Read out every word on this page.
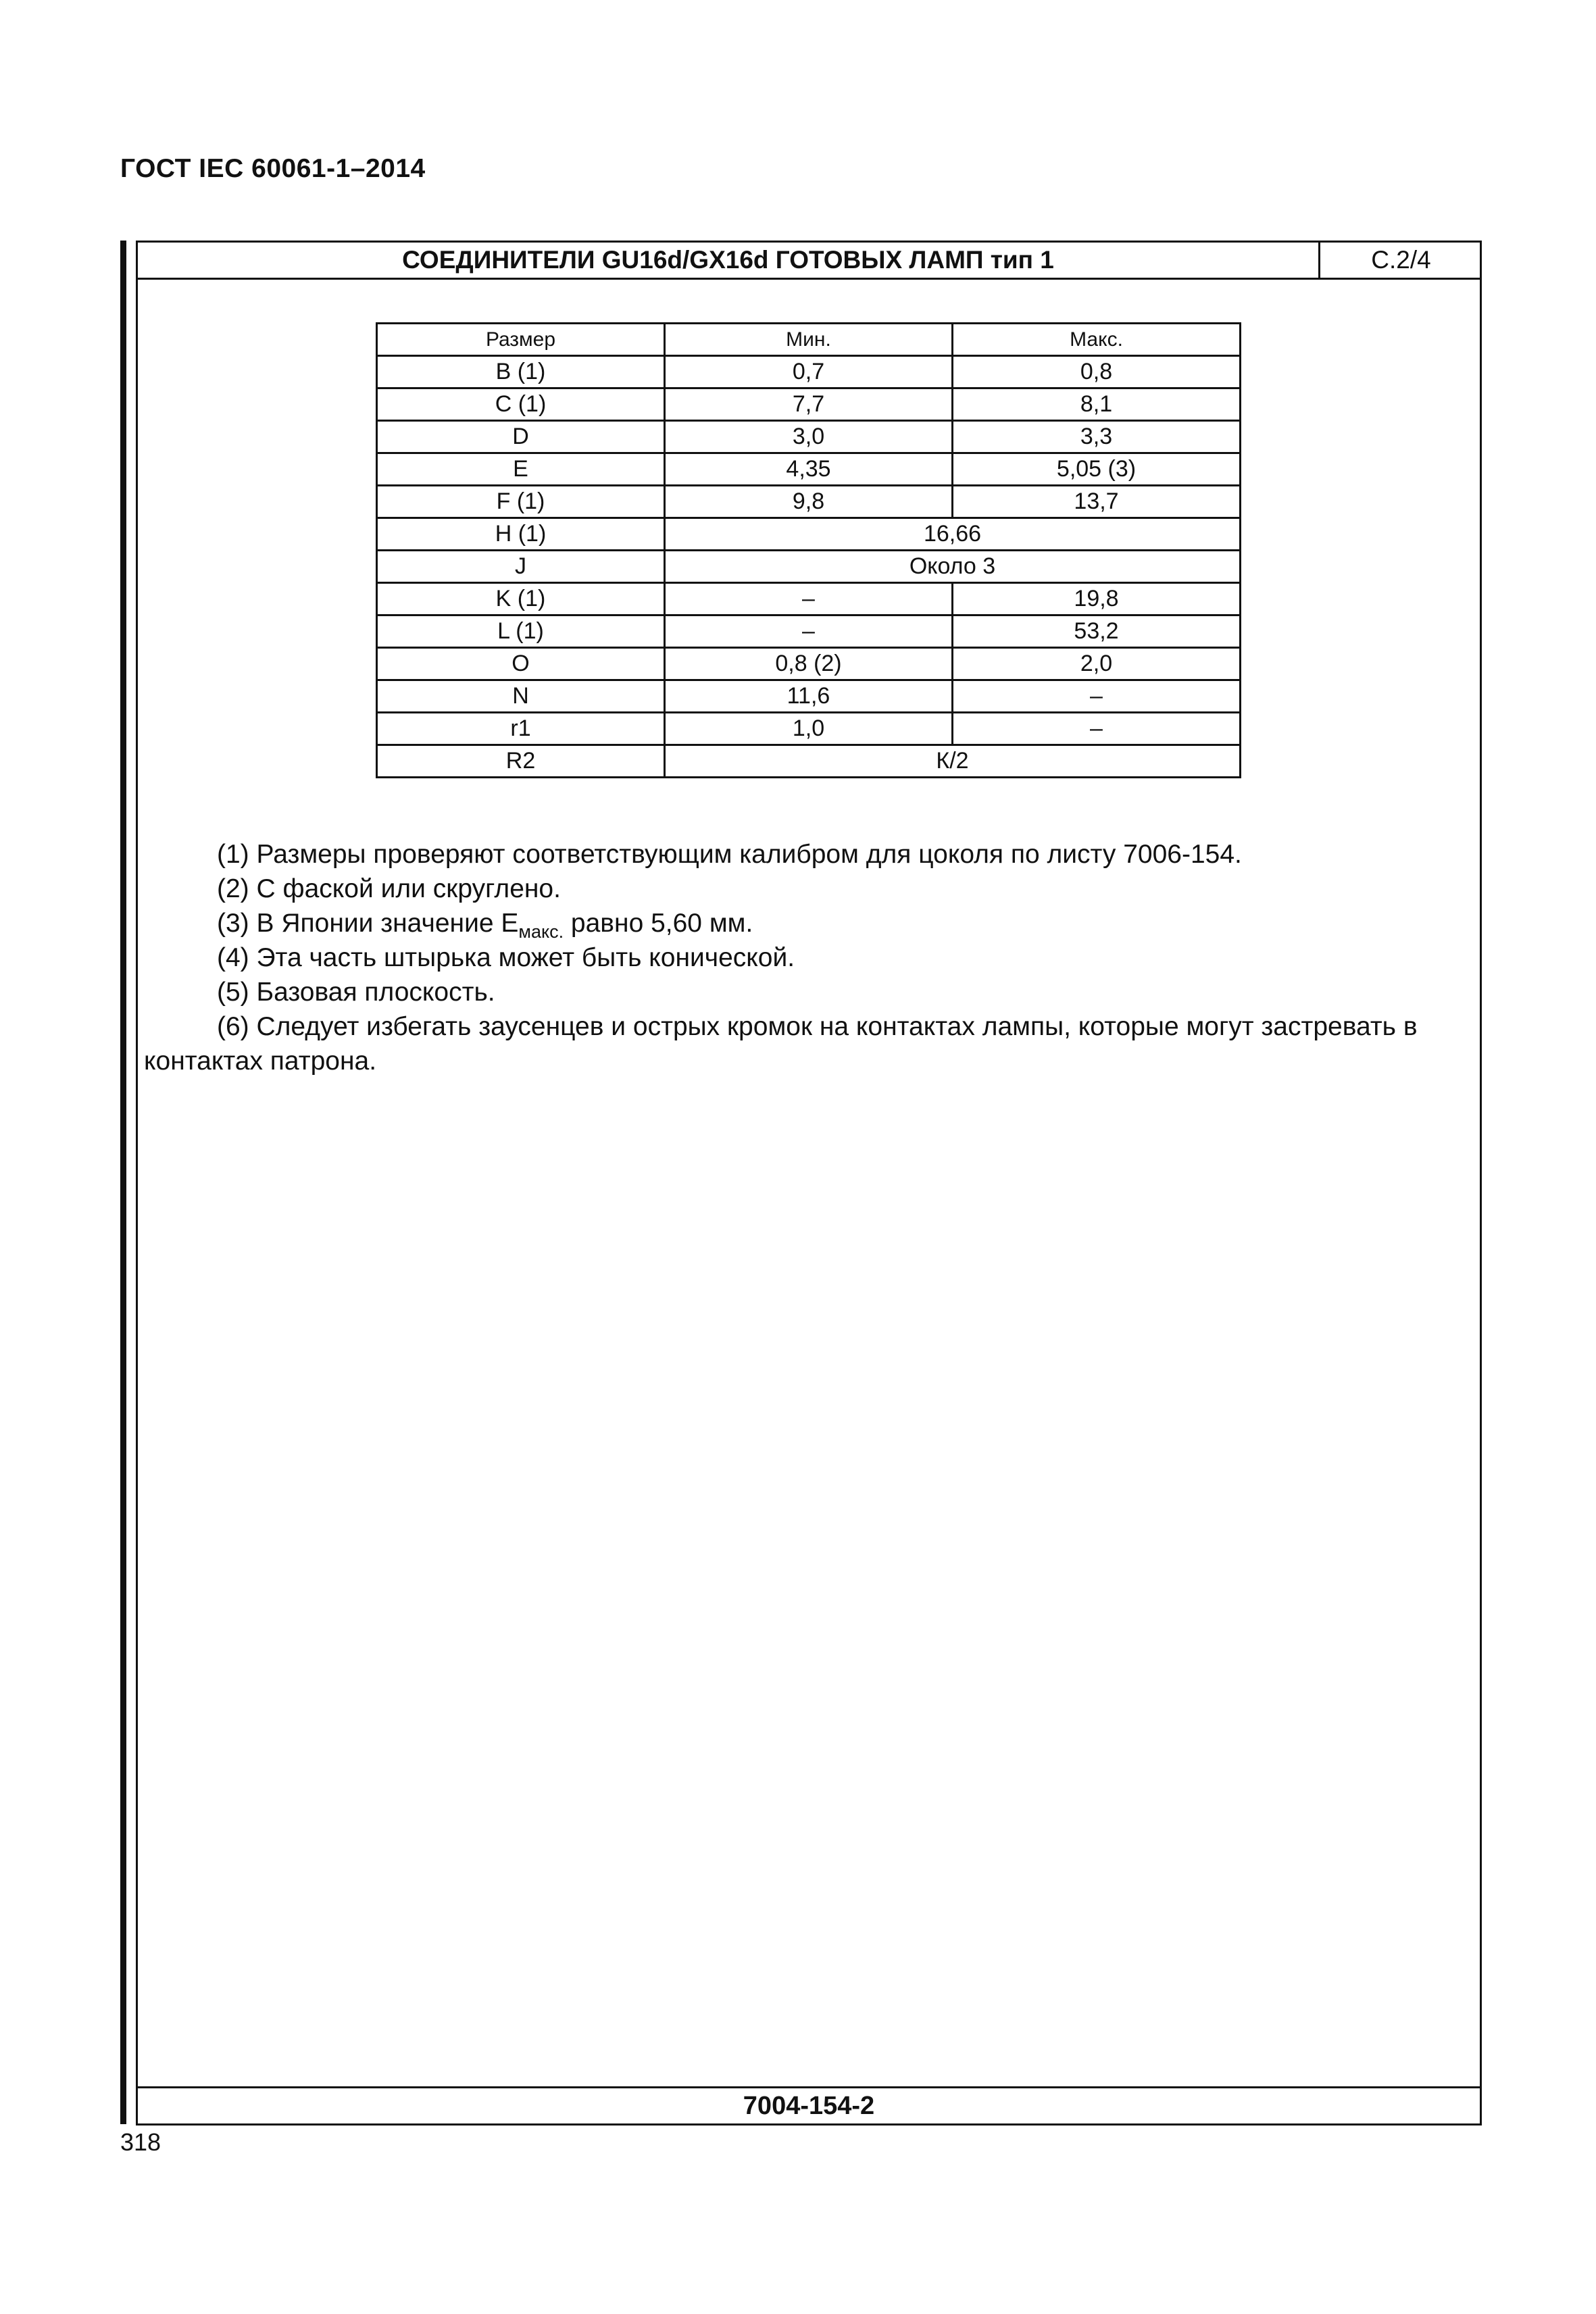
ГОСТ IEC 60061-1–2014
СОЕДИНИТЕЛИ GU16d/GX16d ГОТОВЫХ ЛАМП тип 1	С.2/4
Размер	Мин.	Макс.
B (1)	0,7	0,8
C (1)	7,7	8,1
D	3,0	3,3
E	4,35	5,05 (3)
F (1)	9,8	13,7
H (1)	16,66	
J	Около 3	
K (1)	–	19,8
L (1)	–	53,2
O	0,8 (2)	2,0
N	11,6	–
r1	1,0	–
R2	К/2	

(1) Размеры проверяют соответствующим калибром для цоколя по листу 7006-154.

(2) С фаской или скруглено.

(3) В Японии значение $E_{макс.}$ равно 5,60 мм.

(4) Эта часть штырька может быть конической.

(5) Базовая плоскость.

(6) Следует избегать заусенцев и острых кромок на контактах лампы, которые могут застревать в контактах патрона.

7004-154-2
318
